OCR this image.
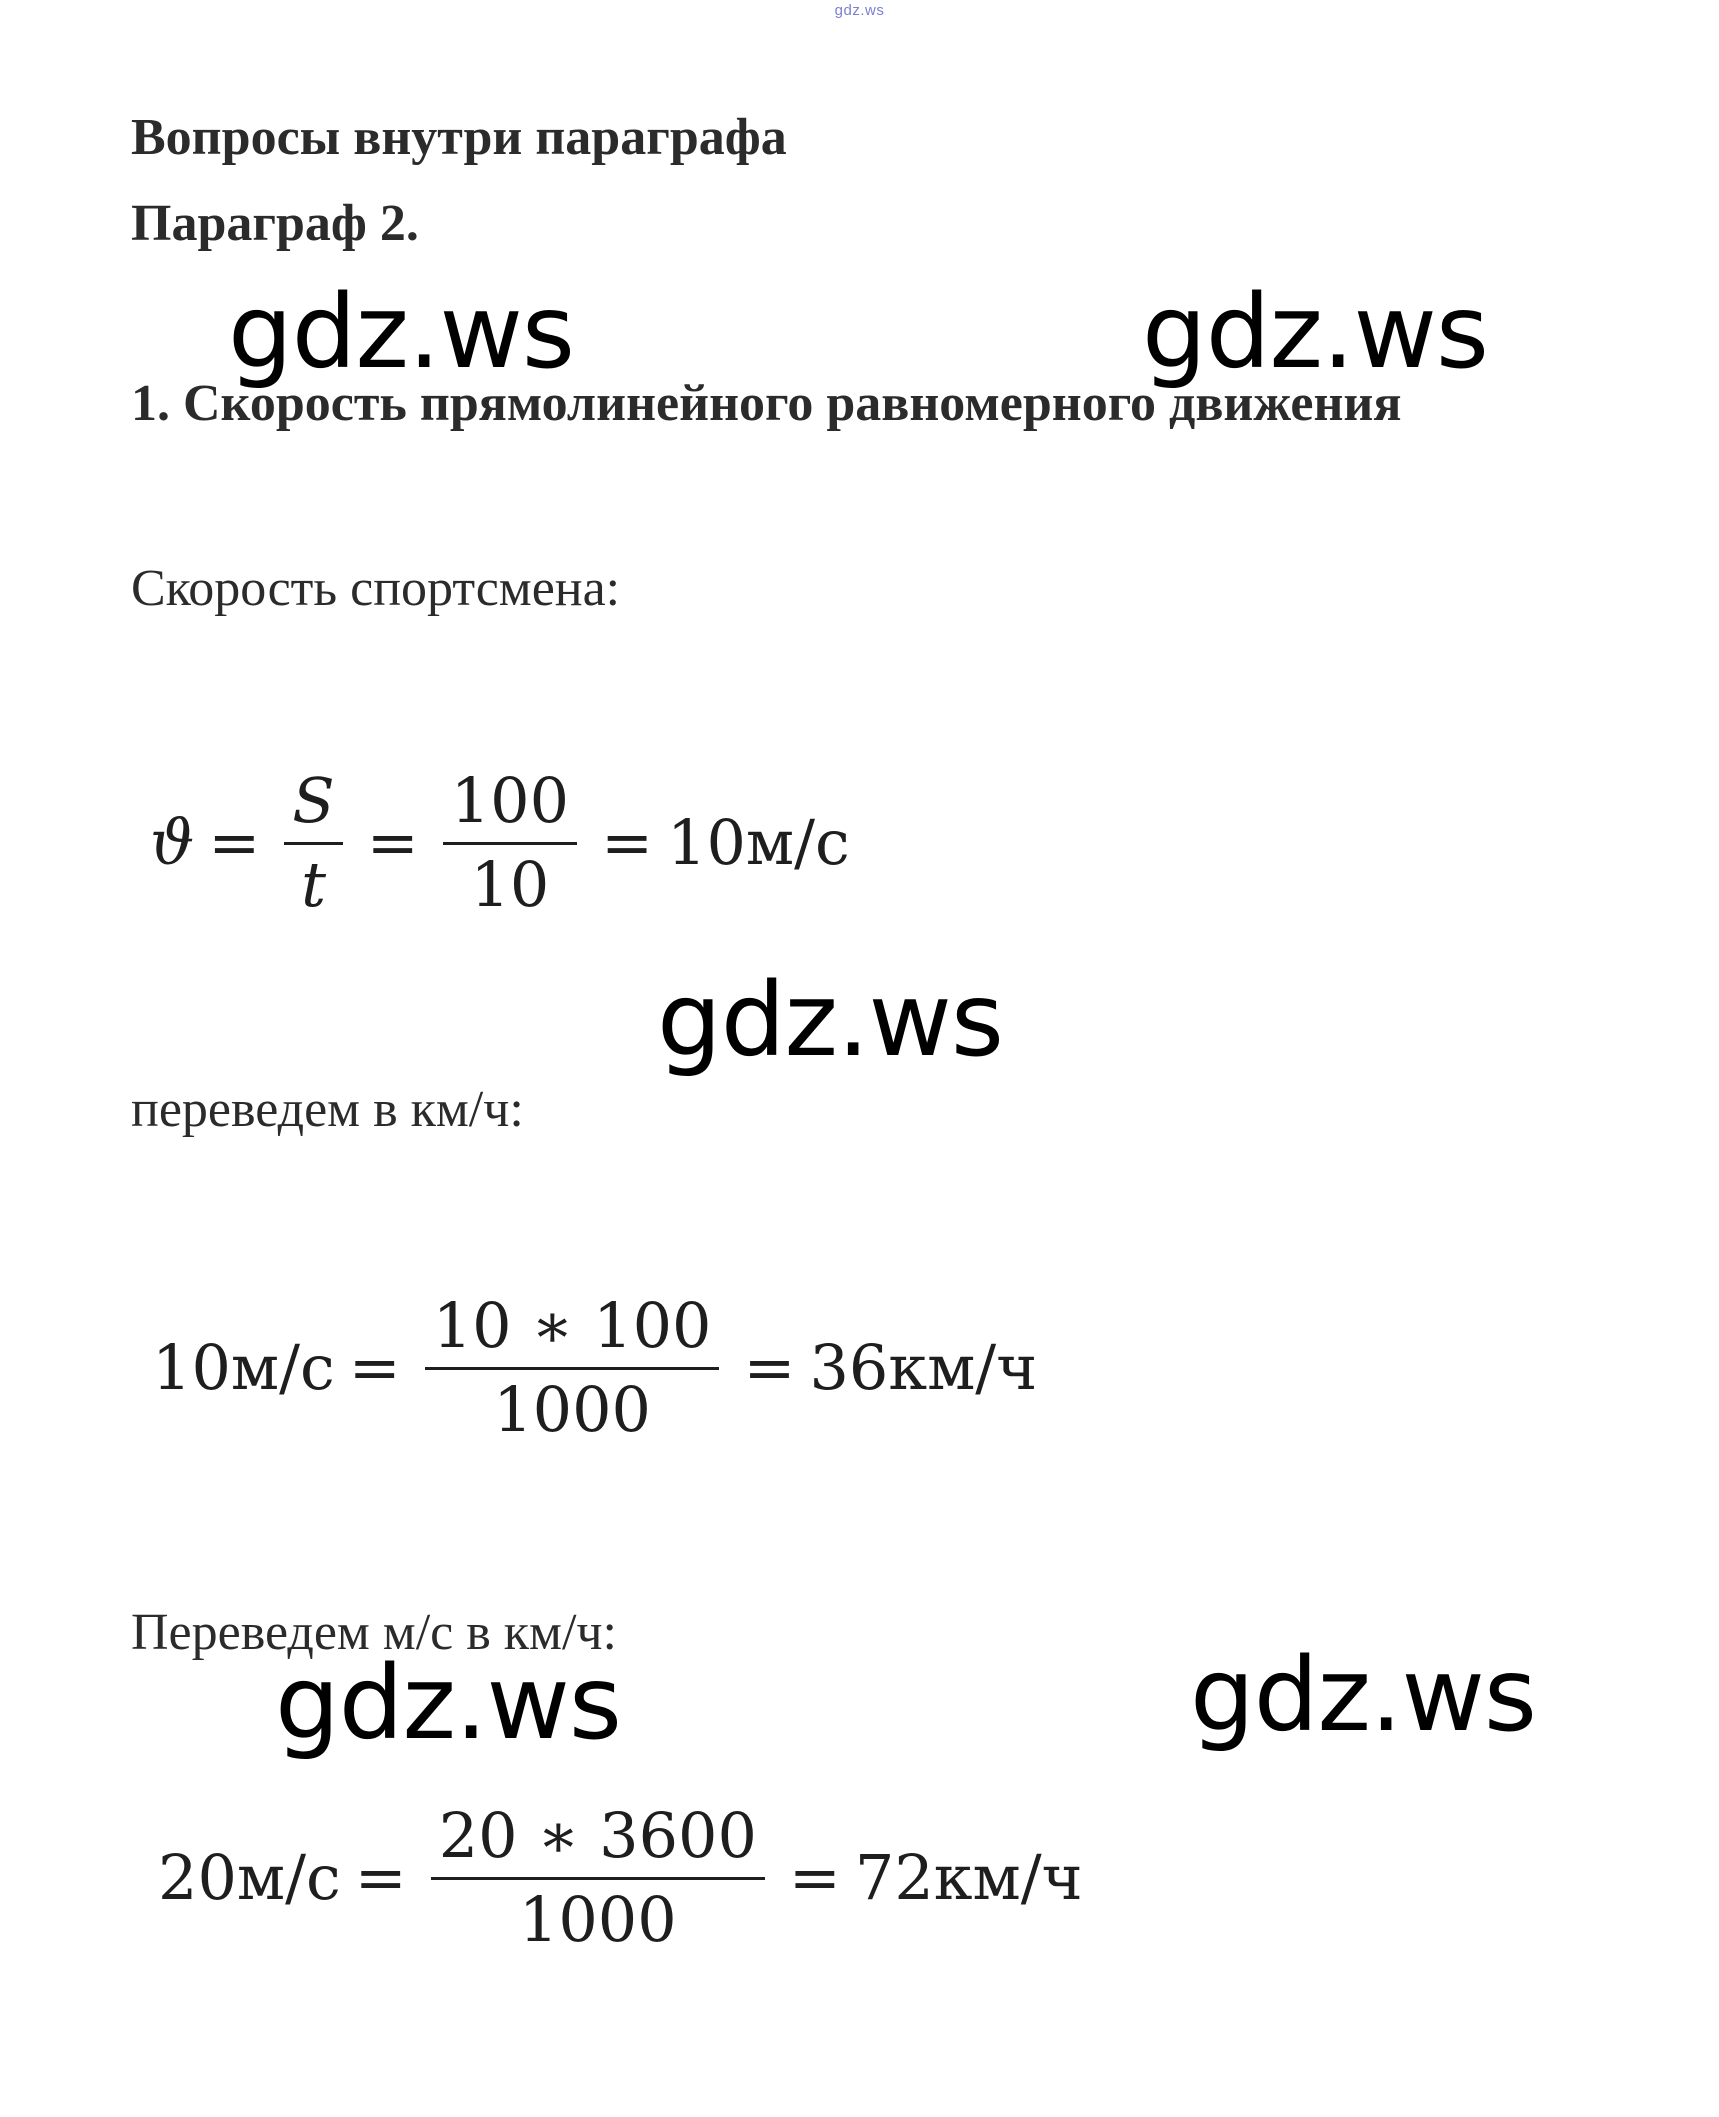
gdz.ws
Вопросы внутри параграфа
Параграф 2.
gdz.ws	gdz.ws
1. Скорость прямолинейного равномерного движения
Скорость спортсмена:
$ϑ = \frac{S}{t} = \frac{100}{10} = 10м/с$
gdz.ws
переведем в км/ч:
$10м/с = \frac{10 ∗ 100}{1000} = 36км/ч$
Переведем м/с в км/ч:
gdz.ws	gdz.ws
$20м/с = \frac{20 ∗ 3600}{1000} = 72км/ч$
